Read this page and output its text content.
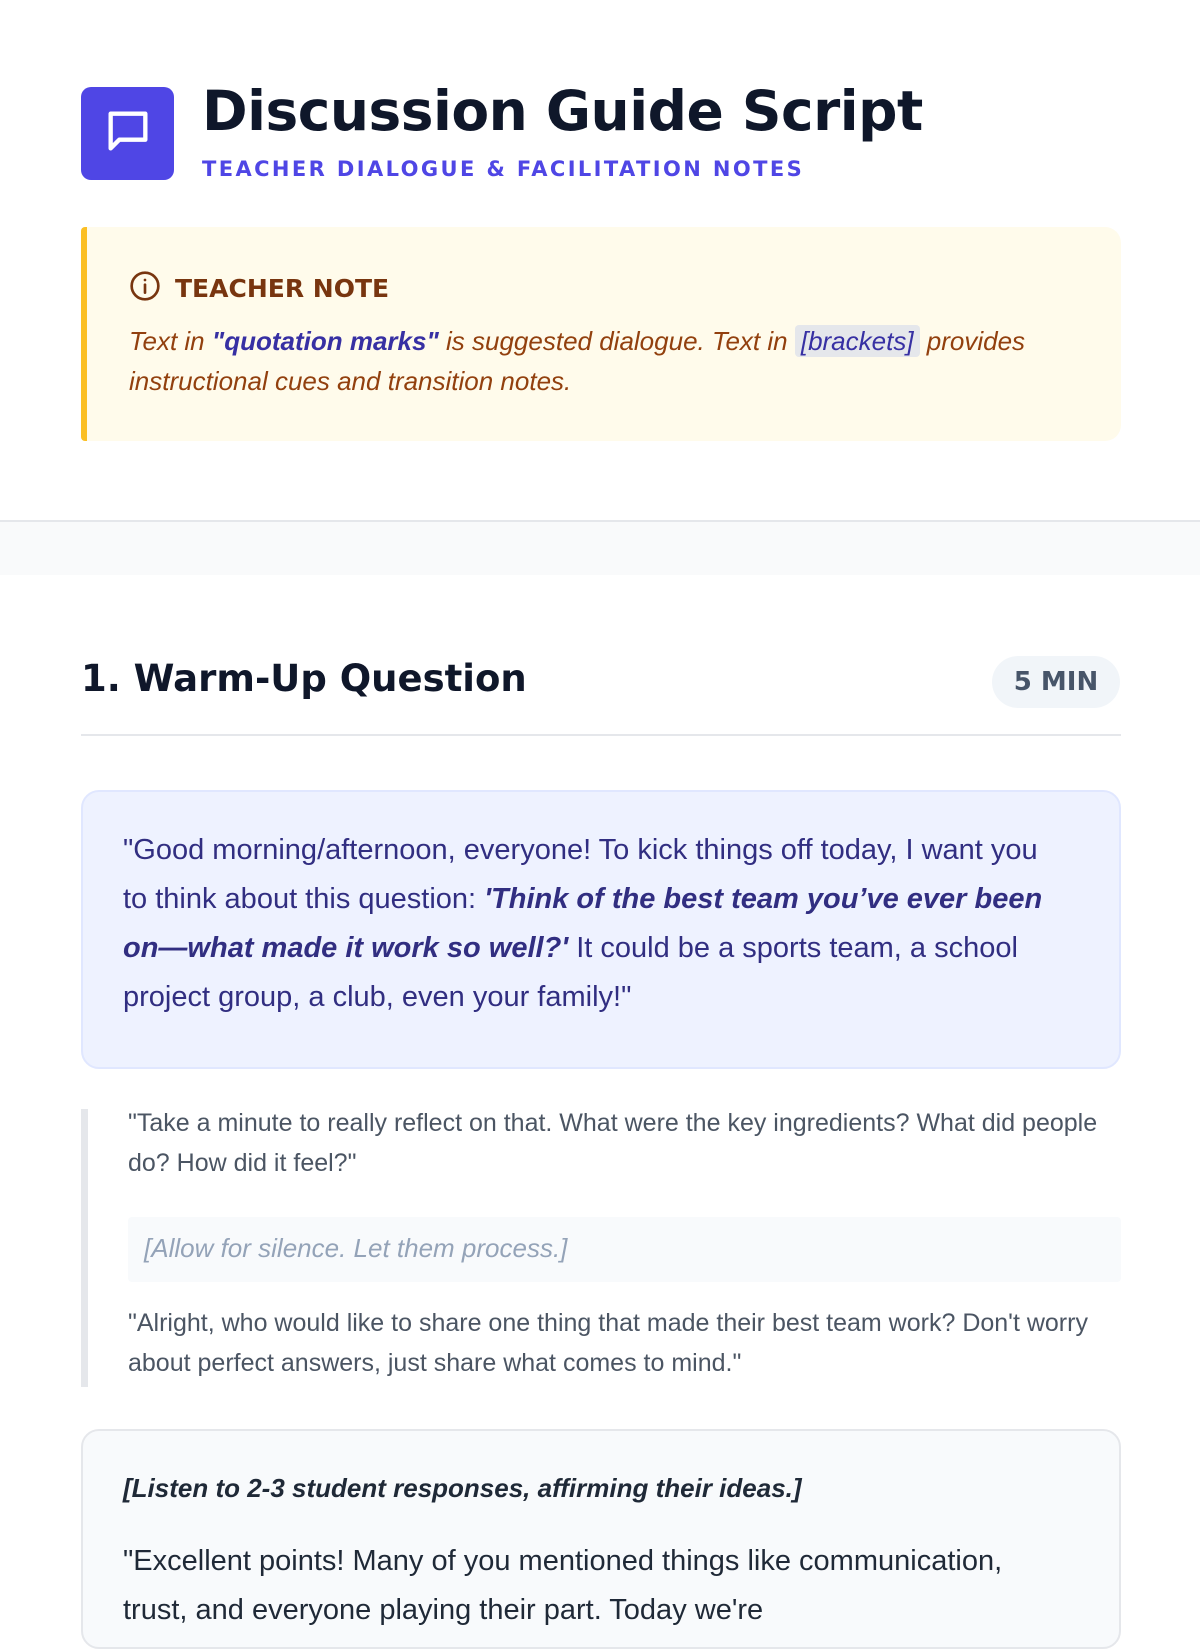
Discussion Guide Script
TEACHER DIALOGUE & FACILITATION NOTES
TEACHER NOTE

Text in "quotation marks" is suggested dialogue. Text in [brackets] provides instructional cues and transition notes.

1. Warm-Up Question	5 MIN

"Good morning/afternoon, everyone! To kick things off today, I want you to think about this question: 'Think of the best team you’ve ever been on—what made it work so well?' It could be a sports team, a school project group, a club, even your family!"

"Take a minute to really reflect on that. What were the key ingredients? What did people do? How did it feel?"

[Allow for silence. Let them process.]

"Alright, who would like to share one thing that made their best team work? Don't worry about perfect answers, just share what comes to mind."

[Listen to 2-3 student responses, affirming their ideas.]

"Excellent points! Many of you mentioned things like communication, trust, and everyone playing their part. Today we're
